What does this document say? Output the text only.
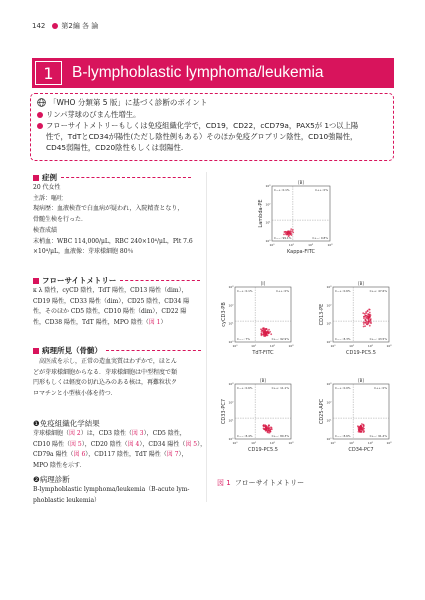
142 第2編 各 論
1	B-lymphoblastic lymphoma/leukemia
「WHO 分類第 5 版」に基づく診断のポイント
リンパ芽球のびまん性増生。
フローサイトメトリーもしくは免疫組織化学で，CD19，CD22，cCD79a，PAX5が 1つ以上陽
性で，TdTとCD34が陽性(ただし陰性例もある）そのほか免疫グロブリン陰性，CD10強陽性，
CD45弱陽性，CD20陰性もしくは弱陽性.
症例

20 代女性

主訴：嘔吐

現病歴：血液検査で白血病が疑われ，入院精査となり，

骨髄生検を行った．

検査成績

末梢血：WBC 114,000/μL，RBC 240×10⁴/μL，Plt 7.6

×10⁴/μL，血液像：芽球様細胞 80％

フローサイトメトリー

κ λ 陰性，cyCD 陰性，TdT 陽性，CD13 陽性（dim），

CD19 陽性，CD33 陽性（dim），CD25 陰性，CD34 陽

性，そのほか CD5 陰性，CD10 陽性（dim），CD22 陽

性，CD38 陽性，TdT 陽性，MPO 陰性（図 1）

病理所見（骨髄）

高医成を示し，正常の造血実質はわずかで，ほとん

どが芽球様細胞からなる．芽球様細胞は中型程度で類

円形もしくは軽度の切れ込みのある核は，再難粒状ク

ロマチンと小型核小体を持つ．

❶免疫組織化学結果

芽球様細胞（図 2）は，CD3 陰性（図 3），CD5 陰性，

CD10 陽性（図 5），CD20 陰性（図 4），CD34 陽性（図 5），

CD79a 陽性（図 6），CD117 陰性，TdT 陽性（図 7），

MPO 陰性を示す．

❷病理診断

B-lymphoblastic lymphoma/leukemia（B-acute lym-

phoblastic leukemia）

C−+: 0.1%	C++: 0%
C−−: 99.1%	C+−: 0.8%
[B]
10⁰
10⁰
10¹
10¹
10²
10²
10³
10³
Kappa-FITC
Lambda-PE
C−+: 0.1%	C++: 0%
C−−: 7%	C+−: 92.9%
[I]
10⁰
10⁰
10¹
10¹
10²
10²
10³
10³
TdT-FITC
cyCD3-PB
C−+: 0.6%	C++: 47.6%
C−−: 8.3%	C+−: 43.5%
[B]
10⁰
10⁰
10¹
10¹
10²
10²
10³
10³
CD19-PC5.5
CD13-PE
C−+: 0.6%	C++: 11.1%
C−−: 8.4%	C+−: 80.3%
[B]
10⁰
10⁰
10¹
10¹
10²
10²
10³
10³
CD19-PC5.5
CD33-PC7
C−+: 0.0%	C++: 0%
C−−: 8.6%	C+−: 91.4%
[B]
10⁰
10⁰
10¹
10¹
10²
10²
10³
10³
CD34-PC7
CD25-APC
図 1 フローサイトメトリー
